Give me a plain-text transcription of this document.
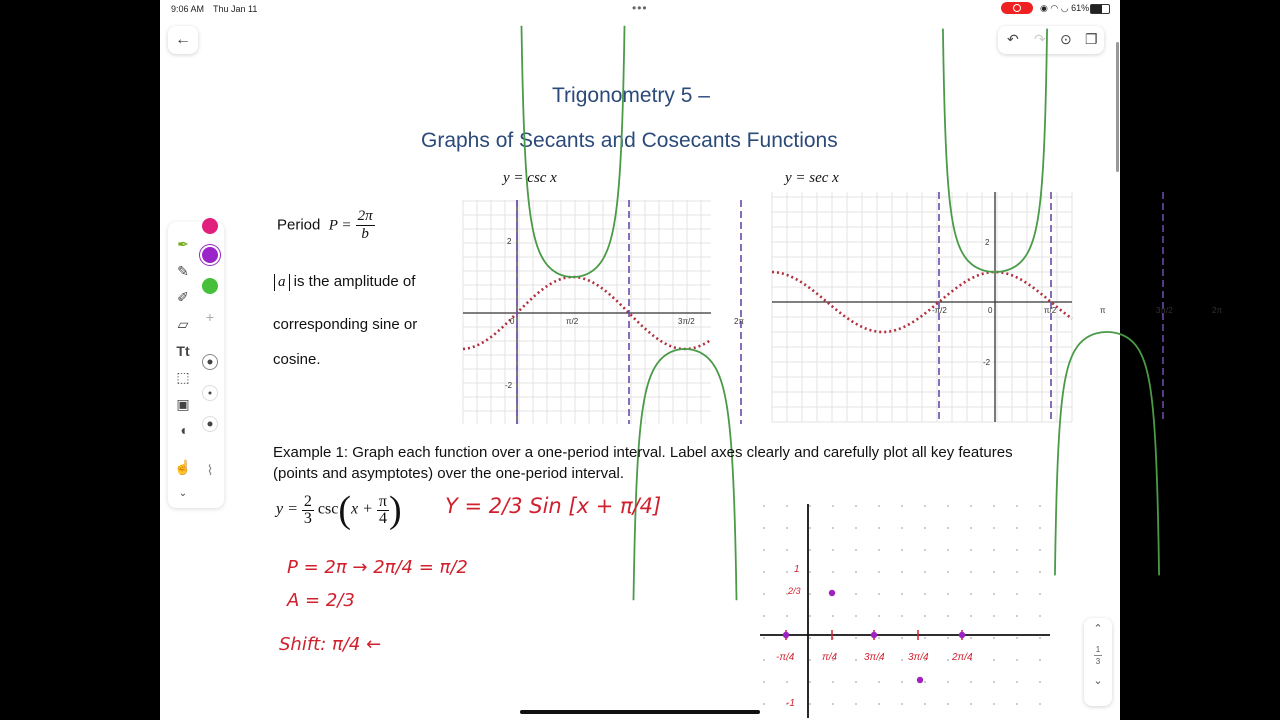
9:06 AM Thu Jan 11	•••	◉ ◠ ◡ 61%
←	↶ ↷ ⊙ ❐
Trigonometry 5 –
Graphs of Secants and Cosecants Functions
y = csc x	y = sec x
2
-2
0	π/2	3π/2	2π
2
-2
-π/2	0	π/2	π	3π/2	2π
Period $P = \frac{2\pi}{b}$
a is the amplitude of
corresponding sine or
cosine.
Example 1: Graph each function over a one-period interval. Label axes clearly and carefully plot all key features (points and asymptotes) over the one-period interval.
$y = \frac{2}{3} \csc(x + \frac{\pi}{4}$ ) Y = 2/3 Sin [x + π/4]
P = 2π → 2π/4 = π/2
A = 2/3
Shift: π/4 ←
1
2/3
-1
-π/4	π/4	3π/4 3π/4 2π/4
✒
✎
✐
▱
Tt
⬚
▣
◖
☝
⌄
+
⌇
⌃
1
3
⌄
